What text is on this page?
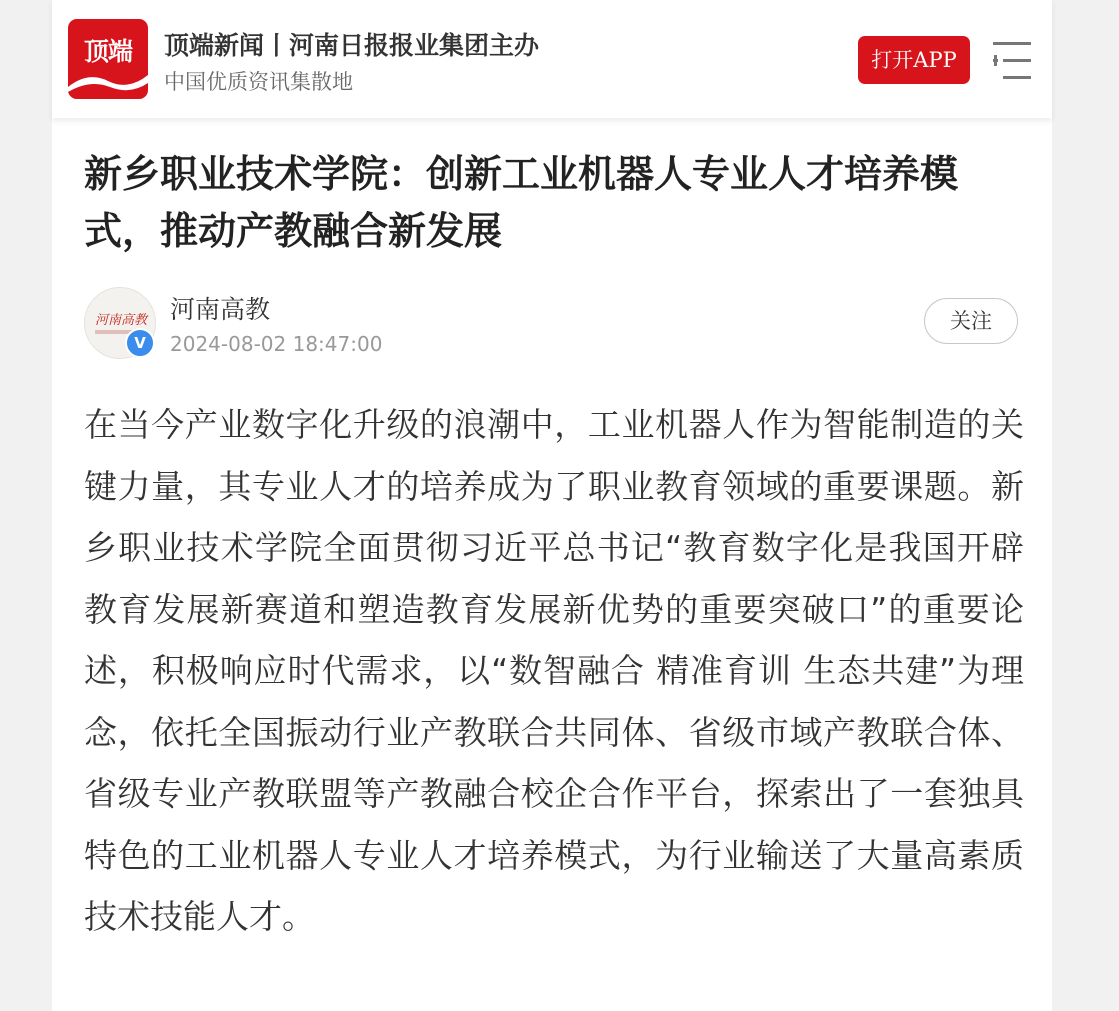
顶端	顶端新闻丨河南日报报业集团主办
中国优质资讯集散地
打开APP
新乡职业技术学院：创新工业机器人专业人才培养模式，推动产教融合新发展
河南高教
V
河南高教
2024-08-02 18:47:00
关注

在当今产业数字化升级的浪潮中，工业机器人作为智能制造的关键力量，其专业人才的培养成为了职业教育领域的重要课题。新乡职业技术学院全面贯彻习近平总书记“教育数字化是我国开辟教育发展新赛道和塑造教育发展新优势的重要突破口”的重要论述，积极响应时代需求，以“数智融合 精准育训 生态共建”为理念，依托全国振动行业产教联合共同体、省级市域产教联合体、省级专业产教联盟等产教融合校企合作平台，探索出了一套独具特色的工业机器人专业人才培养模式，为行业输送了大量高素质技术技能人才。
